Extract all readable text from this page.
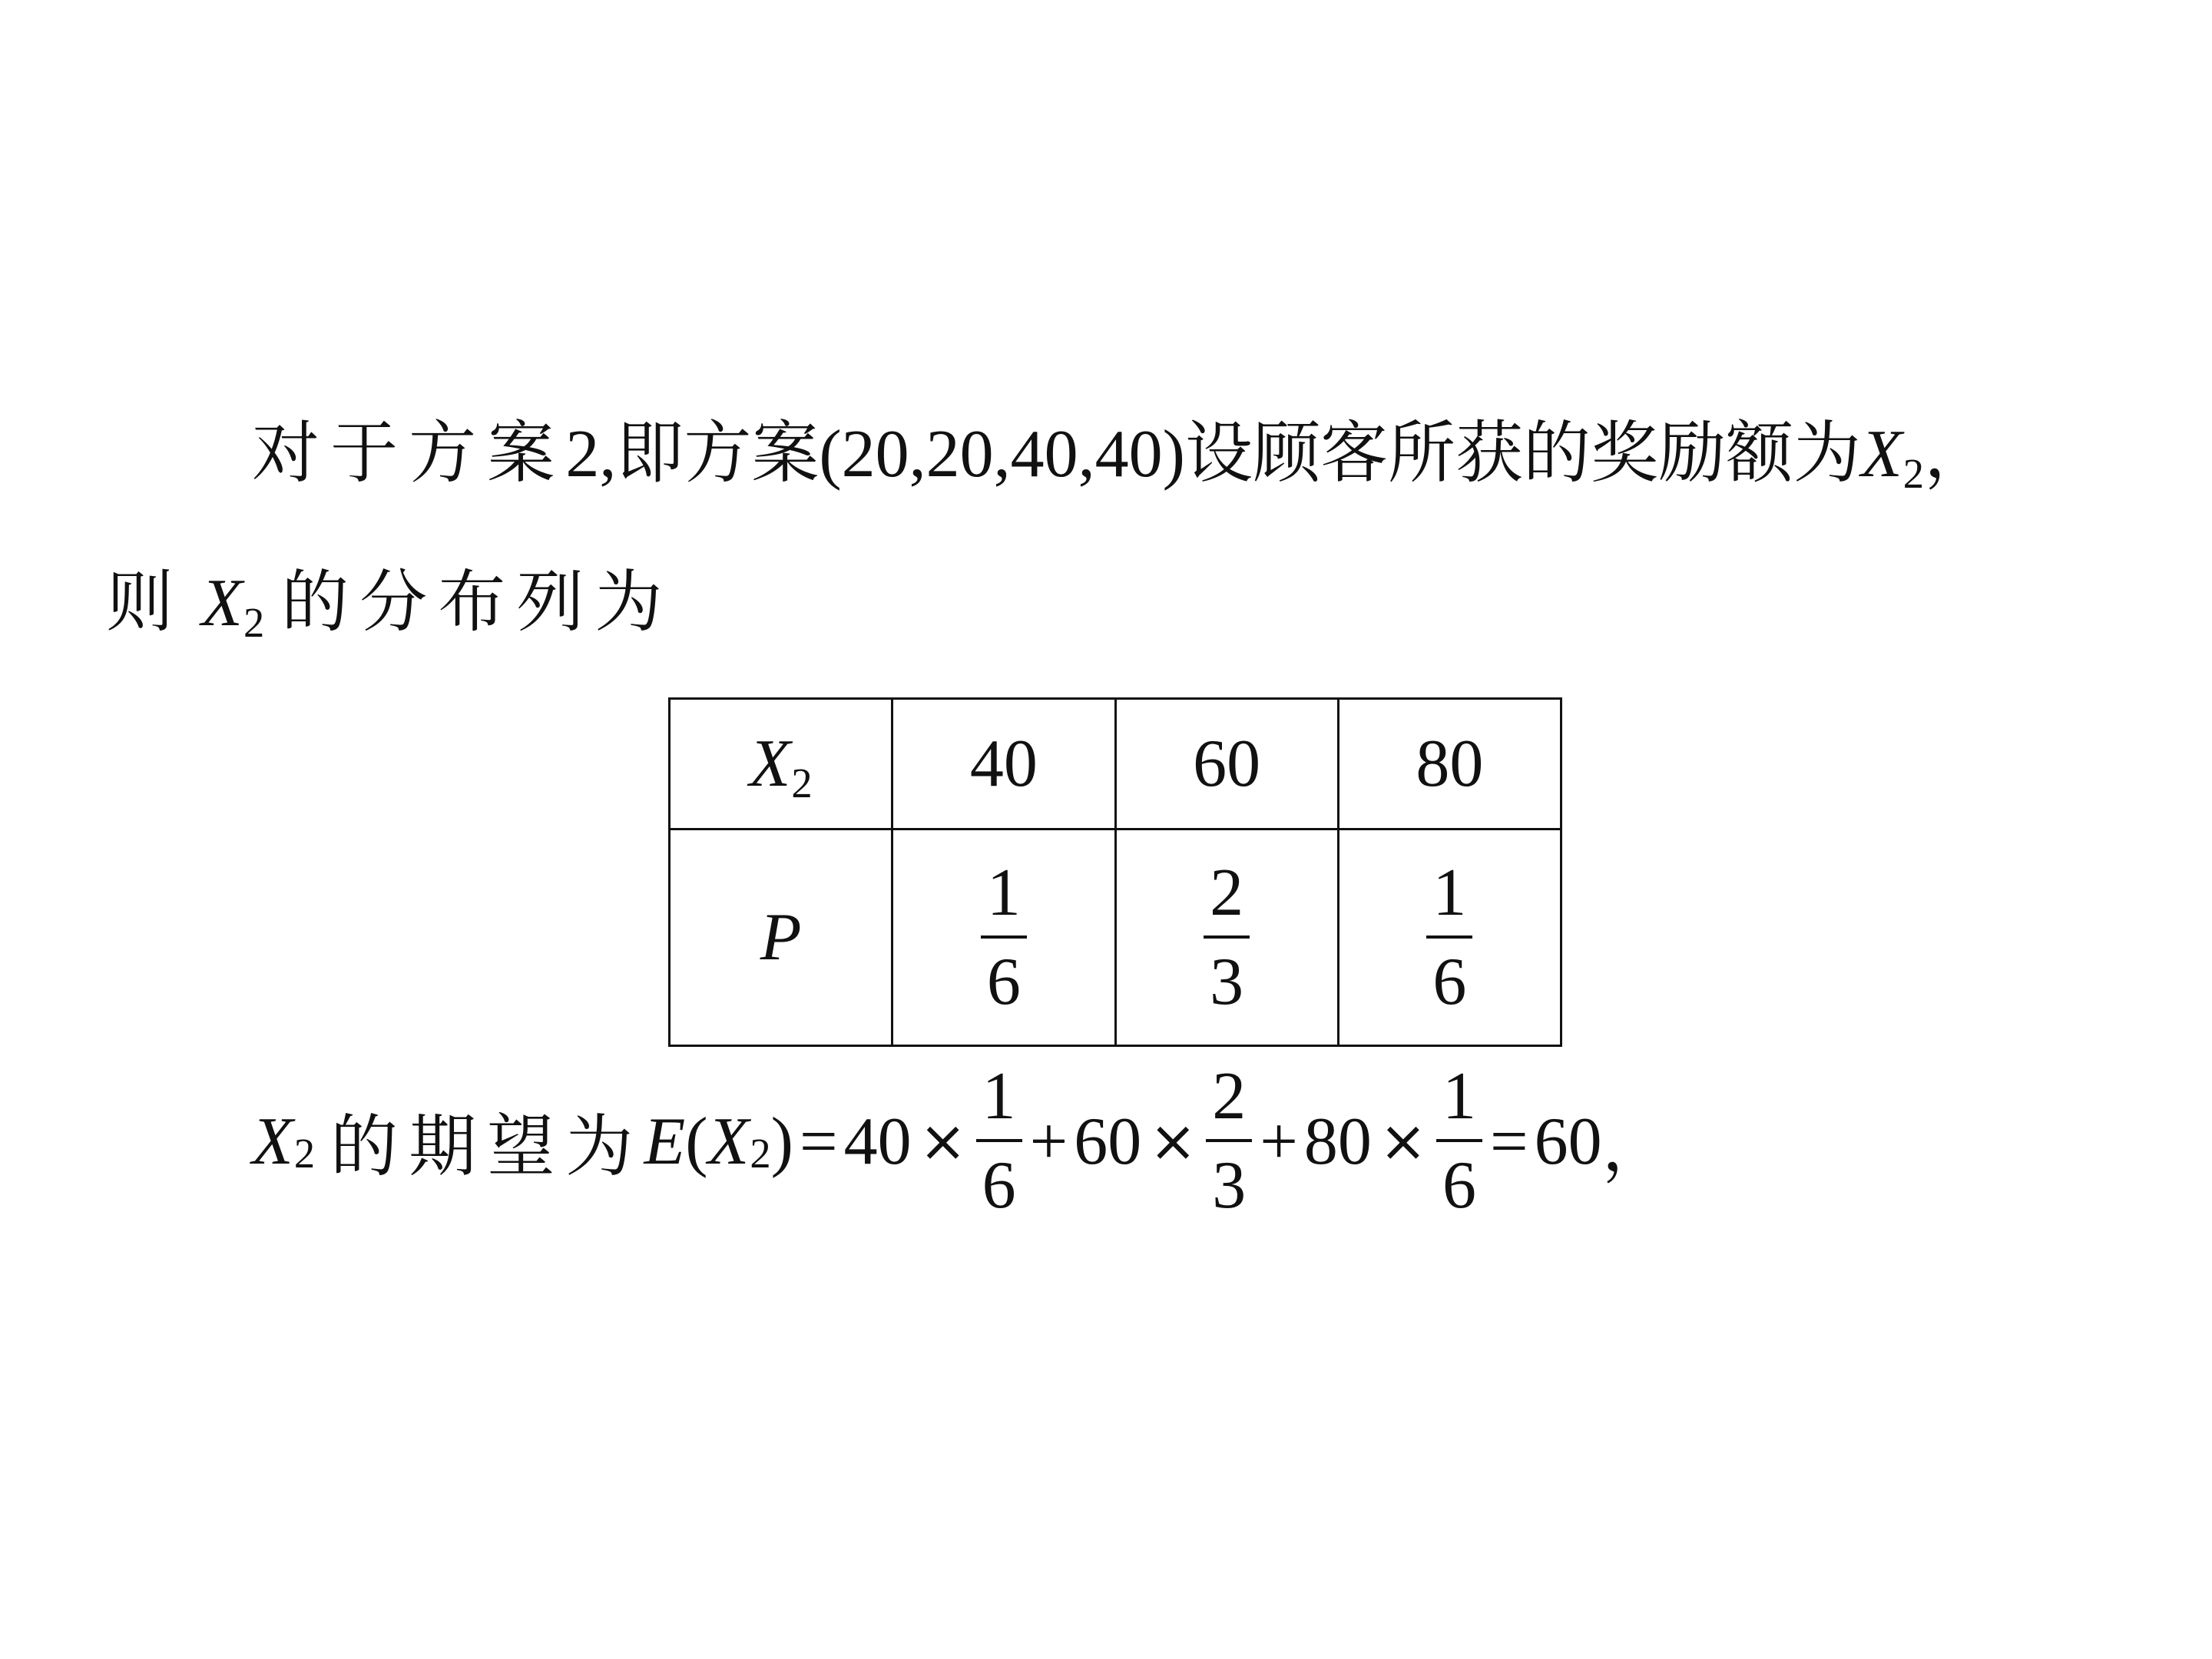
对于方案2,即方案(20,20,40,40)设顾客所获的奖励额为X2，
则 X2 的分布列为
X2	40	60	80
P	$\frac{1}{6}$	$\frac{2}{3}$	$\frac{1}{6}$
X 2 的期望为 E ( X 2 ) = $40 \times \frac{1}{6} + 60 \times \frac{2}{3} + 80 \times \frac{1}{6} = 60$ ，
